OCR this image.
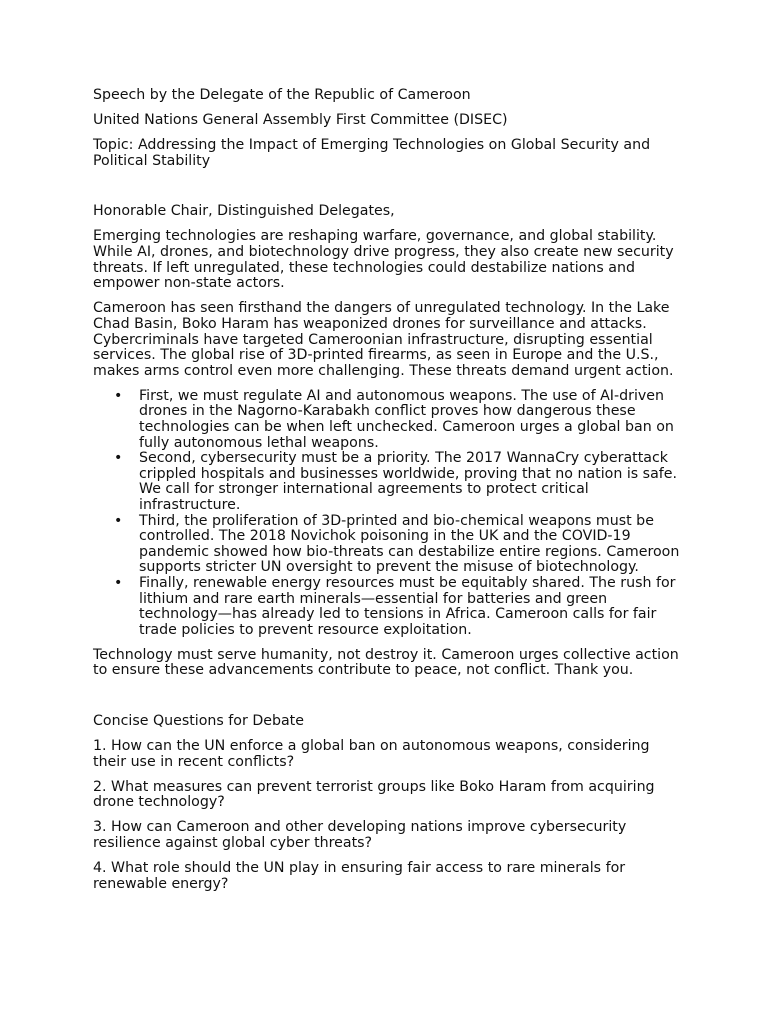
Speech by the Delegate of the Republic of Cameroon

United Nations General Assembly First Committee (DISEC)

Topic: Addressing the Impact of Emerging Technologies on Global Security and Political Stability

Honorable Chair, Distinguished Delegates,

Emerging technologies are reshaping warfare, governance, and global stability. While AI, drones, and biotechnology drive progress, they also create new security threats. If left unregulated, these technologies could destabilize nations and empower non-state actors.

Cameroon has seen firsthand the dangers of unregulated technology. In the Lake Chad Basin, Boko Haram has weaponized drones for surveillance and attacks. Cybercriminals have targeted Cameroonian infrastructure, disrupting essential services. The global rise of 3D-printed firearms, as seen in Europe and the U.S., makes arms control even more challenging. These threats demand urgent action.

• First, we must regulate AI and autonomous weapons. The use of AI-driven drones in the Nagorno-Karabakh conflict proves how dangerous these technologies can be when left unchecked. Cameroon urges a global ban on fully autonomous lethal weapons.
• Second, cybersecurity must be a priority. The 2017 WannaCry cyberattack crippled hospitals and businesses worldwide, proving that no nation is safe. We call for stronger international agreements to protect critical infrastructure.
• Third, the proliferation of 3D-printed and bio-chemical weapons must be controlled. The 2018 Novichok poisoning in the UK and the COVID-19 pandemic showed how bio-threats can destabilize entire regions. Cameroon supports stricter UN oversight to prevent the misuse of biotechnology.
• Finally, renewable energy resources must be equitably shared. The rush for lithium and rare earth minerals—essential for batteries and green technology—has already led to tensions in Africa. Cameroon calls for fair trade policies to prevent resource exploitation.

Technology must serve humanity, not destroy it. Cameroon urges collective action to ensure these advancements contribute to peace, not conflict. Thank you.

Concise Questions for Debate

1. How can the UN enforce a global ban on autonomous weapons, considering their use in recent conflicts?

2. What measures can prevent terrorist groups like Boko Haram from acquiring drone technology?

3. How can Cameroon and other developing nations improve cybersecurity resilience against global cyber threats?

4. What role should the UN play in ensuring fair access to rare minerals for renewable energy?
